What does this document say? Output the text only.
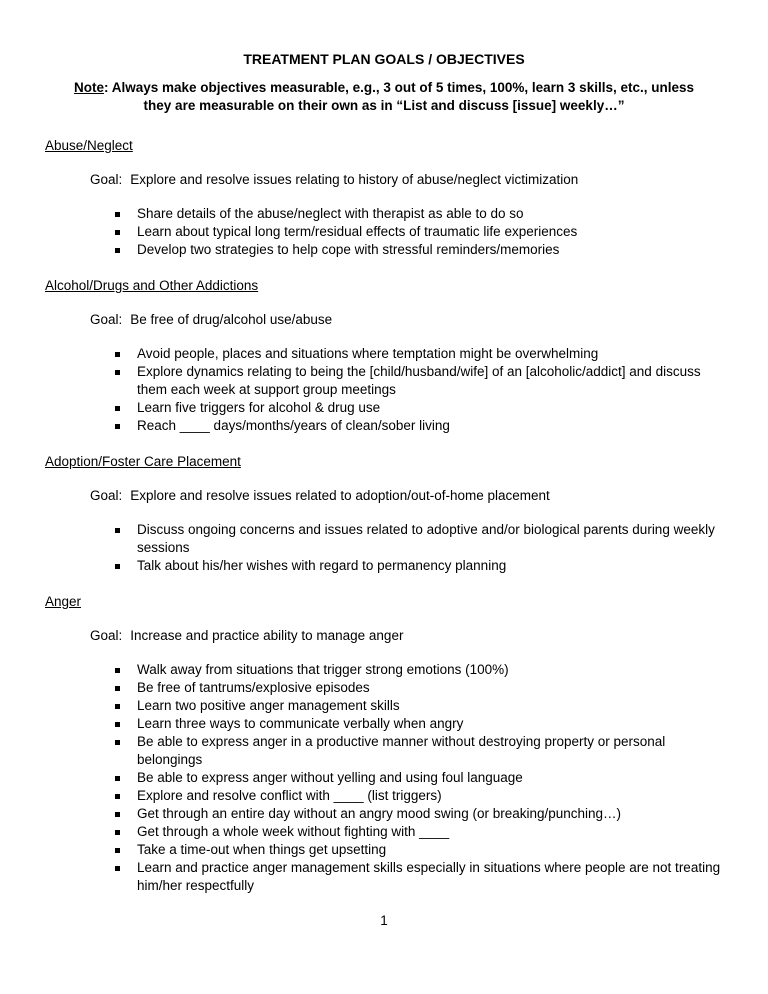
TREATMENT PLAN GOALS / OBJECTIVES

Note: Always make objectives measurable, e.g., 3 out of 5 times, 100%, learn 3 skills, etc., unless they are measurable on their own as in “List and discuss [issue] weekly…”

Abuse/Neglect

Goal: Explore and resolve issues relating to history of abuse/neglect victimization

Share details of the abuse/neglect with therapist as able to do so
Learn about typical long term/residual effects of traumatic life experiences
Develop two strategies to help cope with stressful reminders/memories
Alcohol/Drugs and Other Addictions

Goal: Be free of drug/alcohol use/abuse

Avoid people, places and situations where temptation might be overwhelming
Explore dynamics relating to being the [child/husband/wife] of an [alcoholic/addict] and discuss them each week at support group meetings
Learn five triggers for alcohol & drug use
Reach ____ days/months/years of clean/sober living
Adoption/Foster Care Placement

Goal: Explore and resolve issues related to adoption/out-of-home placement

Discuss ongoing concerns and issues related to adoptive and/or biological parents during weekly sessions
Talk about his/her wishes with regard to permanency planning
Anger

Goal: Increase and practice ability to manage anger

Walk away from situations that trigger strong emotions (100%)
Be free of tantrums/explosive episodes
Learn two positive anger management skills
Learn three ways to communicate verbally when angry
Be able to express anger in a productive manner without destroying property or personal belongings
Be able to express anger without yelling and using foul language
Explore and resolve conflict with ____ (list triggers)
Get through an entire day without an angry mood swing (or breaking/punching…)
Get through a whole week without fighting with ____
Take a time-out when things get upsetting
Learn and practice anger management skills especially in situations where people are not treating him/her respectfully
1
